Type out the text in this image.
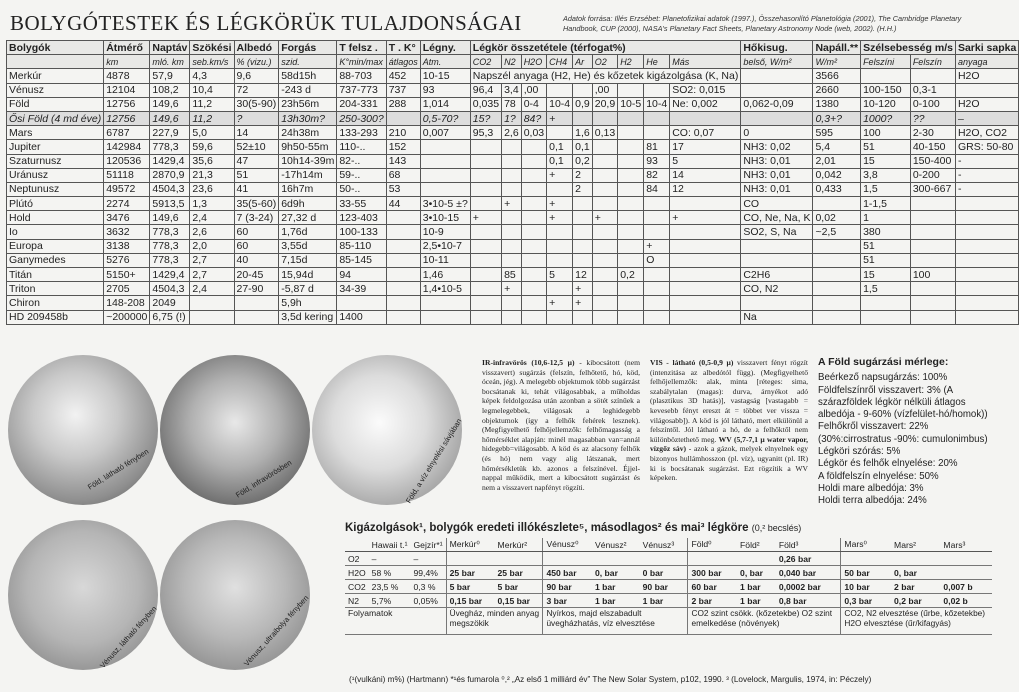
BOLYGÓTESTEK ÉS LÉGKÖRÜK TULAJDONSÁGAI	Adatok forrása: Illés Erzsébet: Planetofizikai adatok (1997.), Összehasonlító Planetológia (2001), The Cambridge Planetary Handbook, CUP (2000), NASA's Planetary Fact Sheets, Planetary Astronomy Node (web, 2002). (H.H.)
Bolygók	Átmérő	Naptáv	Szökési	Albedó	Forgás	T felsz .	T . K°	Légny.	Légkör összetétele (térfogat%)									Hőkisug.	Napáll.**	Szélsebesség m/s		Sarki sapka
	km	mló. km	seb.km/s	% (vizu.)	szid.	K°min/max	átlagos	Atm.	CO2	N2	H2O	CH4	Ar	O2	H2	He	Más	belső, W/m²	W/m²	Felszíni	Felszín	anyaga
Merkúr	4878	57,9	4,3	9,6	58d15h	88-703	452	10-15	Napszél anyaga (H2, He) és kőzetek kigázolgása (K, Na)										3566			H2O
Vénusz	12104	108,2	10,4	72	-243 d	737-773	737	93	96,4	3,4	,00			,00			SO2: 0,015		2660	100-150	0,3-1	
Föld	12756	149,6	11,2	30(5-90)	23h56m	204-331	288	1,014	0,035	78	0-4	10-4	0,9	20,9	10-5	10-4	Ne: 0,002	0,062-0,09	1380	10-120	0-100	H2O
Ősi Föld (4 md éve)	12756	149,6	11,2	?	13h30m?	250-300?		0,5-70?	15?	1?	84?	+							0,3+?	1000?	??	–
Mars	6787	227,9	5,0	14	24h38m	133-293	210	0,007	95,3	2,6	0,03		1,6	0,13			CO: 0,07	0	595	100	2-30	H2O, CO2
Jupiter	142984	778,3	59,6	52±10	9h50-55m	110-..	152					0,1	0,1			81	17	NH3: 0,02	5,4	51	40-150	GRS: 50-80
Szaturnusz	120536	1429,4	35,6	47	10h14-39m	82-..	143					0,1	0,2			93	5	NH3: 0,01	2,01	15	150-400	-
Uránusz	51118	2870,9	21,3	51	-17h14m	59-..	68					+	2			82	14	NH3: 0,01	0,042	3,8	0-200	-
Neptunusz	49572	4504,3	23,6	41	16h7m	50-..	53						2			84	12	NH3: 0,01	0,433	1,5	300-667	-
Plútó	2274	5913,5	1,3	35(5-60)	6d9h	33-55	44	3•10-5 ±?		+		+						CO		1-1,5		
Hold	3476	149,6	2,4	7 (3-24)	27,32 d	123-403		3•10-15	+			+		+			+	CO, Ne, Na, K	0,02	1		
Io	3632	778,3	2,6	60	1,76d	100-133		10-9										SO2, S, Na	~2,5	380		
Europa	3138	778,3	2,0	60	3,55d	85-110		2,5•10-7								+				51		
Ganymedes	5276	778,3	2,7	40	7,15d	85-145		10-11								O				51		
Titán	5150+	1429,4	2,7	20-45	15,94d	94		1,46		85		5	12		0,2			C2H6		15	100	
Triton	2705	4504,3	2,4	27-90	-5,87 d	34-39		1,4•10-5		+			+					CO, N2		1,5		
Chiron	148-208	2049			5,9h							+	+									
HD 209458b	~200000	6,75 (!)			3,5d kering	1400												Na				
Föld, látható fényben	Föld, infravörösben	Föld, a víz elnyelési sávjában
Vénusz, látható fényben	Vénusz, ultraibolya fényben
IR-infravörös (10,6-12,5 μ) - kibocsátott (nem visszavert) sugárzás (felszín, felhőtető, hó, köd, óceán, jég). A melegebb objektumok több sugárzást bocsátanak ki, tehát világosabbak, a műholdas képek feldolgozása után azonban a sötét színűek a legmelegebbek, világosak a leghidegebb objektumok (így a felhők fehérek lesznek). (Megfigyelhető felhőjellemzők: felhőmagasság a hőmérséklet alapján: minél magasabban van=annál hidegebb=világosabb. A köd és az alacsony felhők (és hó) nem vagy alig látszanak, mert hőmérsékletük kb. azonos a felszínével. Éjjel-nappal működik, mert a kibocsátott sugárzást és nem a visszavert napfényt rögzíti.
VIS - látható (0,5-0,9 μ) visszavert fényt rögzít (intenzitása az albedótól függ). (Megfigyelhető felhőjellemzők: alak, minta [réteges: sima, szabálytalan (magas): durva, árnyékot adó (plasztikus 3D hatás)], vastagság [vastagabb = kevesebb fényt ereszt át = többet ver vissza = világosabb]). A köd is jól látható, mert elkülönül a felszíntől. Jól látható a hó, de a felhőktől nem különböztethető meg. WV (5,7-7,1 μ water vapor, vízgőz sáv) - azok a gázok, melyek elnyelnek egy bizonyos hullámhosszon (pl. víz), ugyanitt (pl. IR) ki is bocsátanak sugárzást. Ezt rögzítik a WV képeken.
A Föld sugárzási mérlege:
Beérkező napsugárzás: 100%
Földfelszínről visszavert: 3% (A szárazföldek légkör nélküli átlagos albedója - 9-60% (vízfelület-hó/homok))
Felhőkről visszavert: 22% (30%:cirrostratus -90%: cumulonimbus)
Légköri szórás: 5%
Légkör és felhők elnyelése: 20%
A földfelszín elnyelése: 50%
Holdi mare albedója: 3%
Holdi terra albedója: 24%
Kigázolgások¹, bolygók eredeti illókészlete⁵, másodlagos² és mai³ légköre (0,² becslés)
	Hawaii t.¹	Gejzír*¹	Merkúr⁰	Merkúr²	Vénusz⁰	Vénusz²	Vénusz³	Föld⁰	Föld²	Föld³	Mars⁰	Mars²	Mars³
O2	–	–								0,26 bar			
H2O	58 %	99,4%	25 bar	25 bar	450 bar	0, bar	0 bar	300 bar	0, bar	0,040 bar	50 bar	0, bar	
CO2	23,5 %	0,3 %	5 bar	5 bar	90 bar	1 bar	90 bar	60 bar	1 bar	0,0002 bar	10 bar	2 bar	0,007 b
N2	5,7%	0,05%	0,15 bar	0,15 bar	3 bar	1 bar	1 bar	2 bar	1 bar	0,8 bar	0,3 bar	0,2 bar	0,02 b
Folyamatok			Üvegház, minden anyag megszökik		Nyírkos, majd elszabadult üvegházhatás, víz elvesztése			CO2 szint csökk. (kőzetekbe) O2 szint emelkedése (növények)			CO2, N2 elvesztése (űrbe, kőzetekbe) H2O elvesztése (űr/kifagyás)		
(¹(vulkáni) m%) (Hartmann) *¹és fumarola ⁰,² „Az első 1 milliárd év” The New Solar System, p102, 1990. ³ (Lovelock, Margulis, 1974, in: Péczely)
